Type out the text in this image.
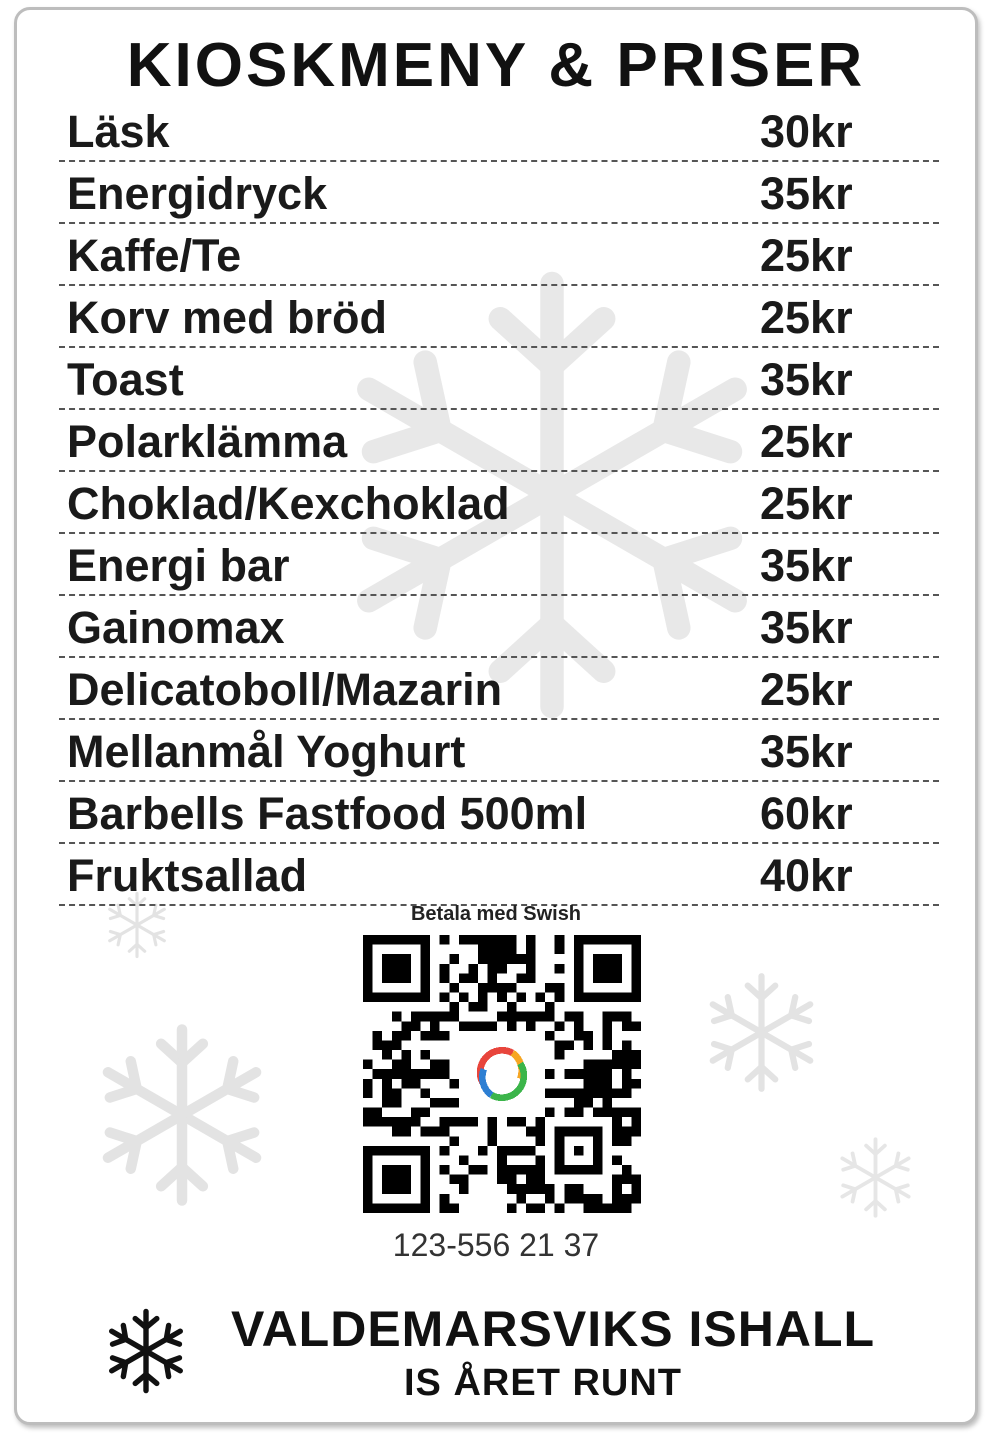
KIOSKMENY & PRISER
Läsk	30kr
Energidryck	35kr
Kaffe/Te	25kr
Korv med bröd	25kr
Toast	35kr
Polarklämma	25kr
Choklad/Kexchoklad	25kr
Energi bar	35kr
Gainomax	35kr
Delicatoboll/Mazarin	25kr
Mellanmål Yoghurt	35kr
Barbells Fastfood 500ml	60kr
Fruktsallad	40kr
Betala med Swish
123-556 21 37
VALDEMARSVIKS ISHALL
IS ÅRET RUNT
